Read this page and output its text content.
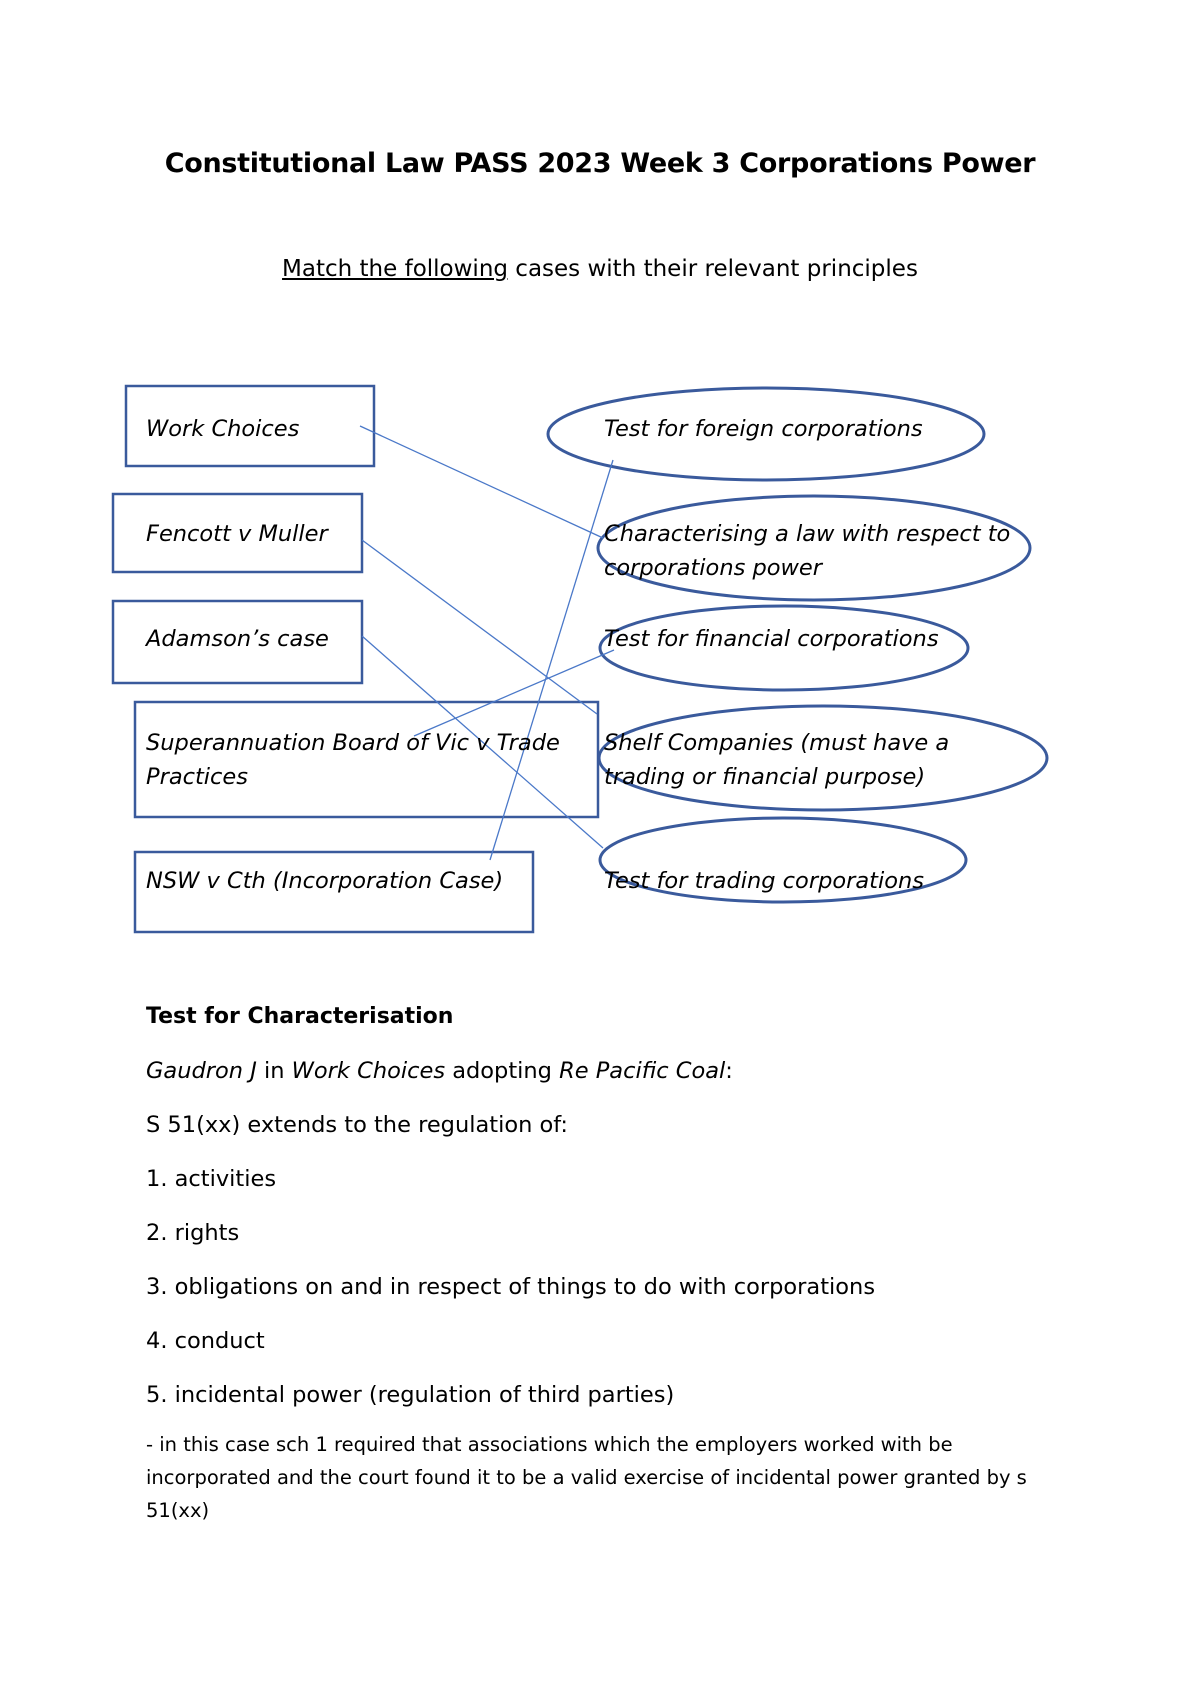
Constitutional Law PASS 2023 Week 3 Corporations Power
Match the following cases with their relevant principles
Work Choices
Fencott v Muller
Adamson’s case
Superannuation Board of Vic v Trade Practices
NSW v Cth (Incorporation Case)
Test for foreign corporations
Characterising a law with respect to corporations power
Test for financial corporations
Shelf Companies (must have a trading or financial purpose)
Test for trading corporations

Test for Characterisation

Gaudron J in Work Choices adopting Re Pacific Coal:

S 51(xx) extends to the regulation of:

1. activities

2. rights

3. obligations on and in respect of things to do with corporations

4. conduct

5. incidental power (regulation of third parties)

- in this case sch 1 required that associations which the employers worked with be incorporated and the court found it to be a valid exercise of incidental power granted by s 51(xx)
